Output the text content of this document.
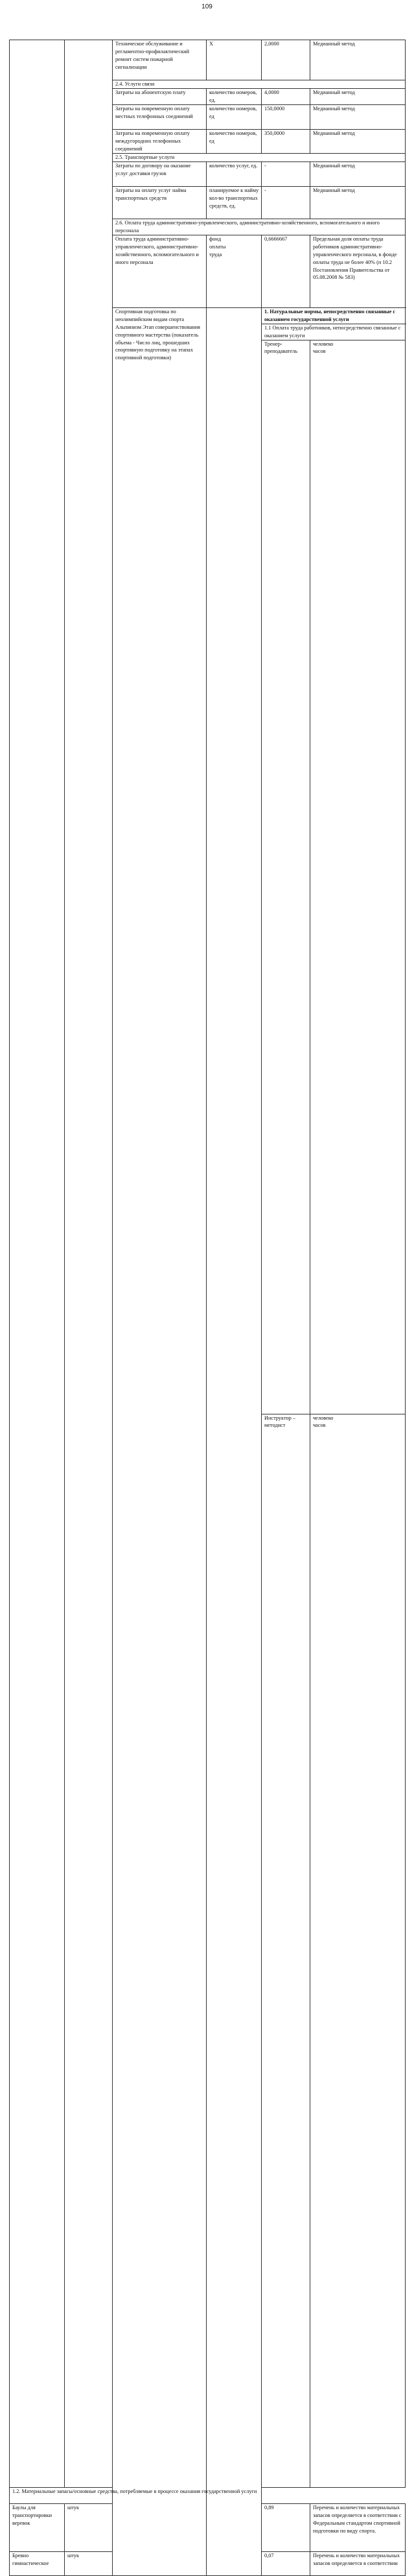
109
		Техническое обслуживание и регламентно-профилактический ремонт систем пожарной сигнализации	X	2,0000	Медианный метод	
		2.4. Услуги связи				
		Затраты на абонентскую плату	количество номеров, ед.	4,0000	Медианный метод	
		Затраты на повременную оплату местных телефонных соединений	количество номеров, ед	150,0000	Медианный метод	
		Затраты на повременную оплату междугородних телефонных соединений	количество номеров, ед	350,0000	Медианный метод	
		2.5. Транспортные услуги				
		Затраты по договору на оказание услуг доставки грузов	количество услуг, ед.	-	Медианный метод	
		Затраты на оплату услуг найма транспортных средств	планируемое к найму кол-во транспортных средств, ед.	-	Медианный метод	
		2.6. Оплата труда административно-управленческого, административно-хозяйственного, вспомогательного и иного персонала				
		Оплата труда административно-управленческого, административно-хозяйственного, вспомогательного и иного персонала	фонд
оплаты
труда	0,6666667	Предельная доля оплаты труда работников административно-управленческого персонала, в фонде оплаты труда не более 40% (п 10.2 Постановления Правительства от 05.08.2008 № 583)	
		Спортивная подготовка по неолимпийским видам спорта Альпинизм Этап совершенствования спортивного мастерства (показатель объема - Число лиц, прошедших спортивную подготовку на этапах спортивной подготовки)		1. Натуральные нормы, непосредственно связанные с оказанием государственной услуги		
				1.1 Оплата труда работников, непосредственно связанные с оказанием услуги		
				Тренер-преподаватель	человеко
часов		
				Инструктор – методист	человеко
часов		
1.2. Материальные запасы/основные средства, потребляемые в процессе оказания государственной услуги						
Баулы для транспортировки веревок	штук			0,89	Перечень и количество материальных запасов определяется в соответствии с Федеральным стандартом спортивной подготовки по виду спорта.	
Бревно гимнастическое	штук			0,07	Перечень и количество материальных запасов определяется в соответствии	
